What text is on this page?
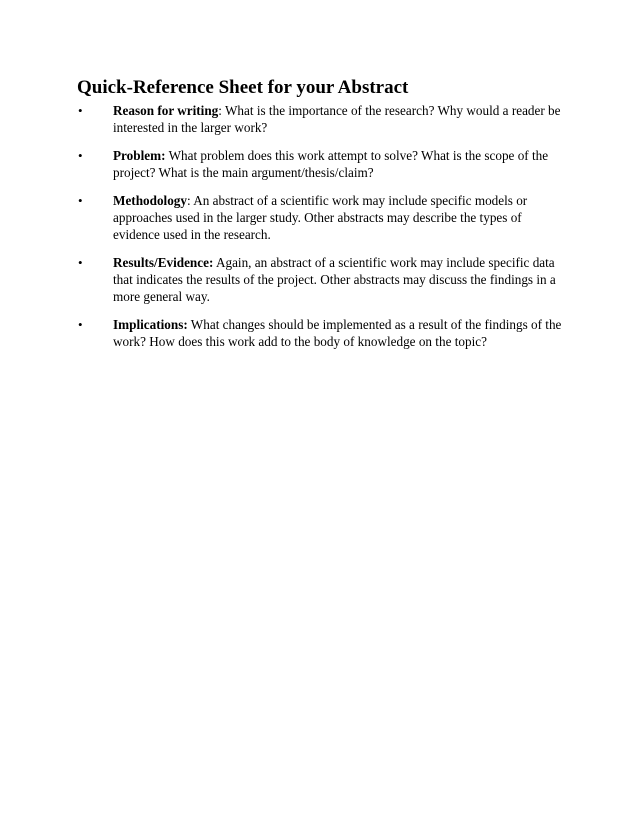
Quick-Reference Sheet for your Abstract
• Reason for writing: What is the importance of the research? Why would a reader be interested in the larger work?
• Problem: What problem does this work attempt to solve? What is the scope of the project? What is the main argument/thesis/claim?
• Methodology: An abstract of a scientific work may include specific models or approaches used in the larger study. Other abstracts may describe the types of evidence used in the research.
• Results/Evidence: Again, an abstract of a scientific work may include specific data that indicates the results of the project. Other abstracts may discuss the findings in a more general way.
• Implications: What changes should be implemented as a result of the findings of the work? How does this work add to the body of knowledge on the topic?
